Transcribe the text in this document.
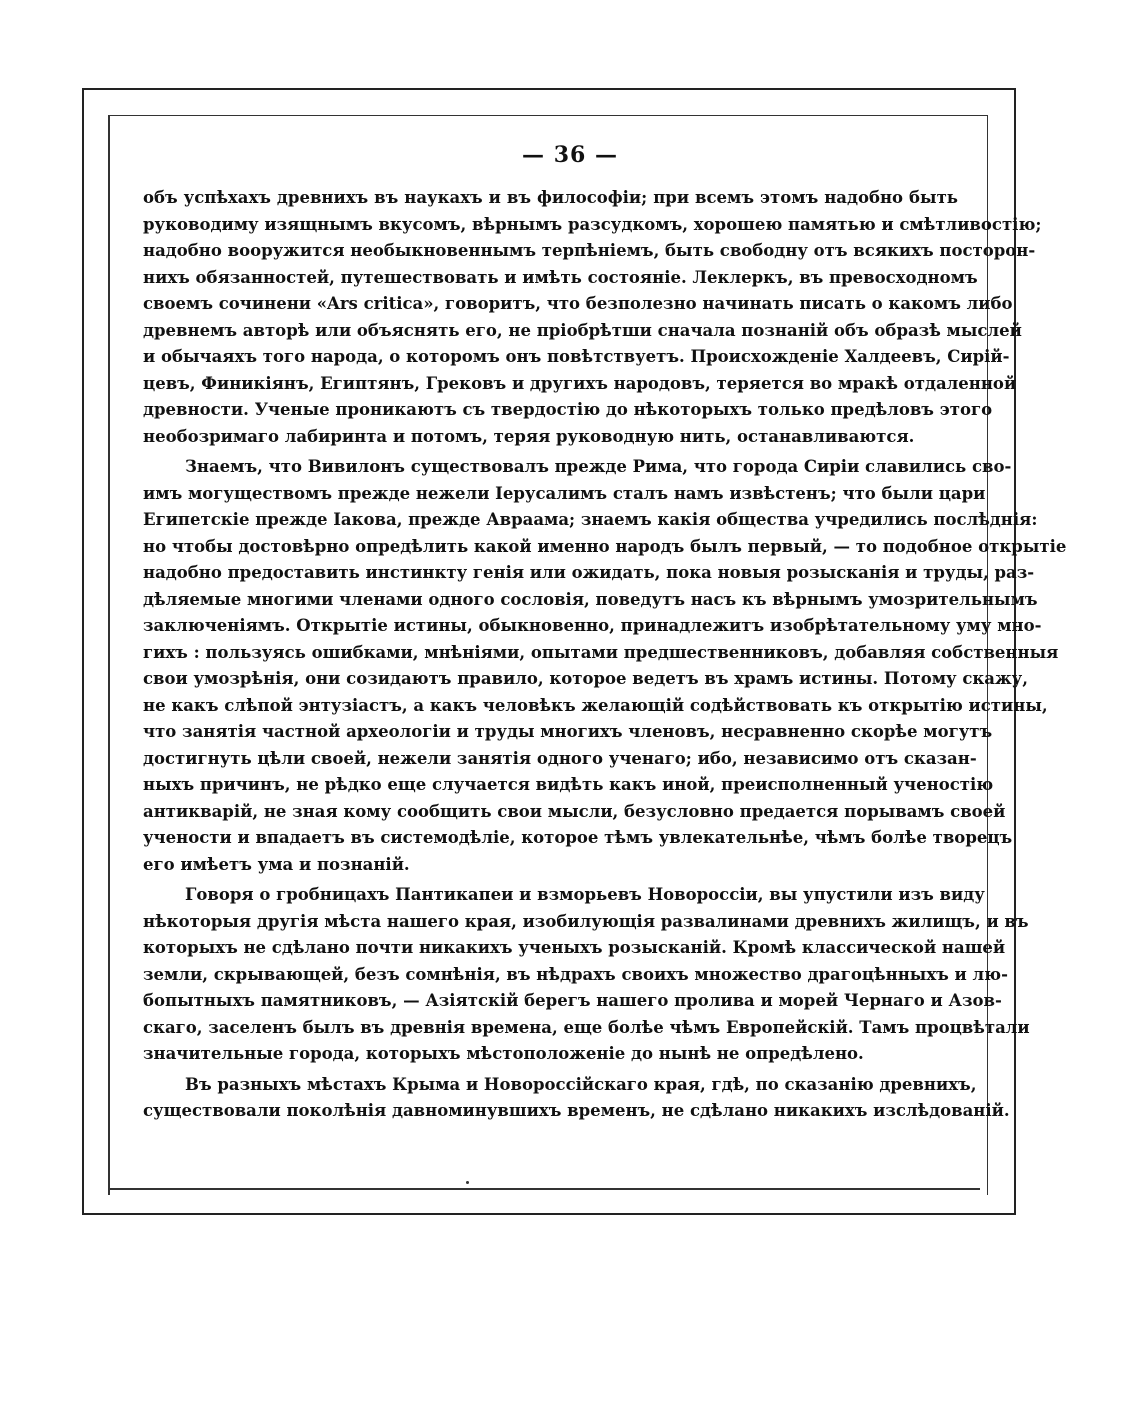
— 36 —

объ успѣхахъ древнихъ въ наукахъ и въ философіи; при всемъ этомъ надобно быть

руководиму изящнымъ вкусомъ, вѣрнымъ разсудкомъ, хорошею памятью и смѣтливостію;

надобно вооружится необыкновеннымъ терпѣніемъ, быть свободну отъ всякихъ посторон-

нихъ обязанностей, путешествовать и имѣть состояніе. Леклеркъ, въ превосходномъ

своемъ сочинени «Ars critica», говоритъ, что безполезно начинать писать о какомъ либо

древнемъ авторѣ или объяснять его, не пріобрѣтши сначала познаній объ образѣ мыслей

и обычаяхъ того народа, о которомъ онъ повѣтствуетъ. Происхожденіе Халдеевъ, Сирій-

цевъ, Финикіянъ, Египтянъ, Грековъ и другихъ народовъ, теряется во мракѣ отдаленной

древности. Ученые проникаютъ съ твердостію до нѣкоторыхъ только предѣловъ этого

необозримаго лабиринта и потомъ, теряя руководную нить, останавливаются.

Знаемъ, что Вивилонъ существовалъ прежде Рима, что города Сиріи славились сво-

имъ могуществомъ прежде нежели Іерусалимъ сталъ намъ извѣстенъ; что были цари

Египетскіе прежде Іакова, прежде Авраама; знаемъ какія общества учредились послѣднія:

но чтобы достовѣрно опредѣлить какой именно народъ былъ первый, — то подобное открытіе

надобно предоставить инстинкту генія или ожидать, пока новыя розысканія и труды, раз-

дѣляемые многими членами одного сословія, поведутъ насъ къ вѣрнымъ умозрительнымъ

заключеніямъ. Открытіе истины, обыкновенно, принадлежитъ изобрѣтательному уму мно-

гихъ : пользуясь ошибками, мнѣніями, опытами предшественниковъ, добавляя собственныя

свои умозрѣнія, они созидаютъ правило, которое ведетъ въ храмъ истины. Потому скажу,

не какъ слѣпой энтузіастъ, а какъ человѣкъ желающій содѣйствовать къ открытію истины,

что занятія частной археологіи и труды многихъ членовъ, несравненно скорѣе могутъ

достигнуть цѣли своей, нежели занятія одного ученаго; ибо, независимо отъ сказан-

ныхъ причинъ, не рѣдко еще случается видѣть какъ иной, преисполненный ученостію

антикварій, не зная кому сообщить свои мысли, безусловно предается порывамъ своей

учености и впадаетъ въ системодѣліе, которое тѣмъ увлекательнѣе, чѣмъ болѣе творецъ

его имѣетъ ума и познаній.

Говоря о гробницахъ Пантикапеи и взморьевъ Новороссіи, вы упустили изъ виду

нѣкоторыя другія мѣста нашего края, изобилующія развалинами древнихъ жилищъ, и въ

которыхъ не сдѣлано почти никакихъ ученыхъ розысканій. Кромѣ классической нашей

земли, скрывающей, безъ сомнѣнія, въ нѣдрахъ своихъ множество драгоцѣнныхъ и лю-

бопытныхъ памятниковъ, — Азіятскій берегъ нашего пролива и морей Чернаго и Азов-

скаго, заселенъ былъ въ древнія времена, еще болѣе чѣмъ Европейскій. Тамъ процвѣтали

значительные города, которыхъ мѣстоположеніе до нынѣ не опредѣлено.

Въ разныхъ мѣстахъ Крыма и Новороссійскаго края, гдѣ, по сказанію древнихъ,

существовали поколѣнія давноминувшихъ временъ, не сдѣлано никакихъ изслѣдованій.
